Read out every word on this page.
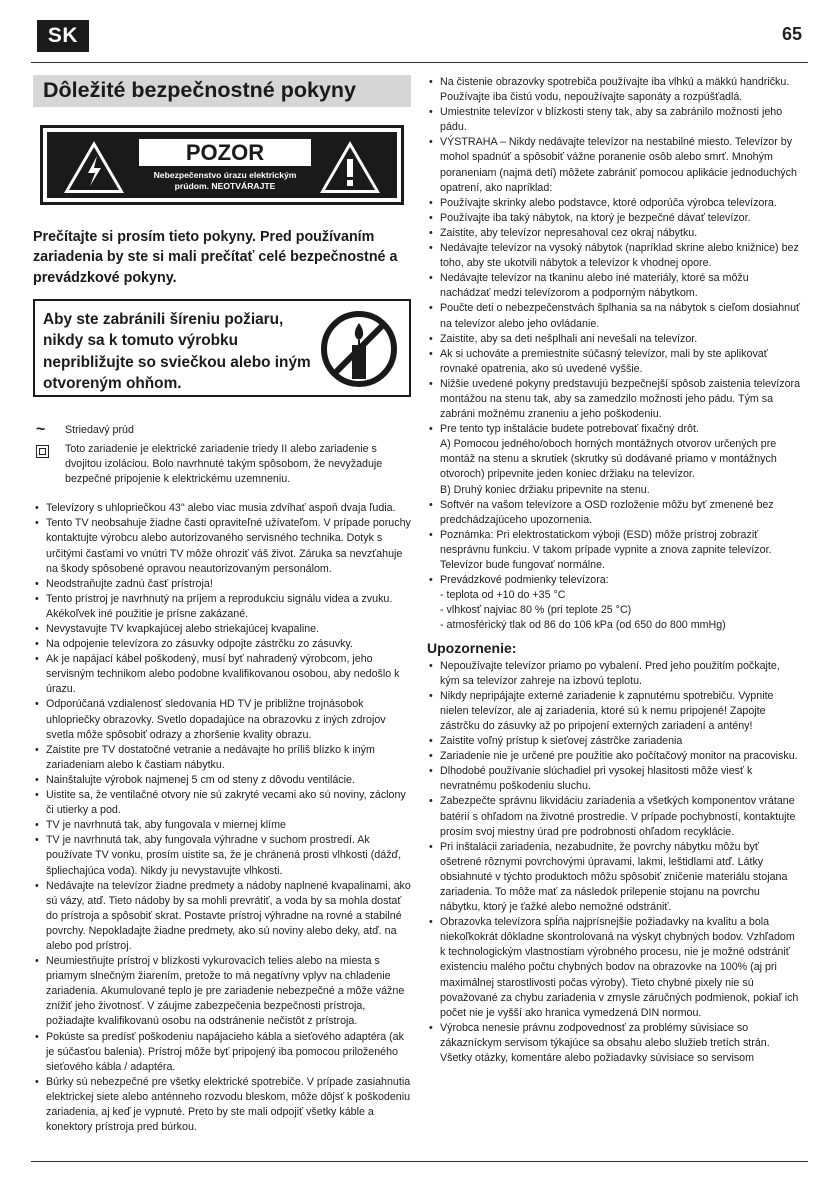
SK	65
Dôležité bezpečnostné pokyny
POZOR
Nebezpečenstvo úrazu elektrickým
prúdom. NEOTVÁRAJTE
Prečítajte si prosím tieto pokyny. Pred používaním zariadenia by ste si mali prečítať celé bezpečnostné a prevádzkové pokyny.
Aby ste zabránili šíreniu požiaru, nikdy sa k tomuto výrobku nepribližujte so sviečkou alebo iným otvoreným ohňom.
~ Striedavý prúd
Toto zariadenie je elektrické zariadenie triedy II alebo zariadenie s dvojitou izoláciou. Bolo navrhnuté takým spôsobom, že nevyžaduje bezpečné pripojenie k elektrickému uzemneniu.
• Televízory s uhlopriečkou 43" alebo viac musia zdvíhať aspoň dvaja ľudia.
• Tento TV neobsahuje žiadne časti opraviteľné užívateľom. V prípade poruchy kontaktujte výrobcu alebo autorizovaného servisného technika. Dotyk s určitými časťami vo vnútri TV môže ohroziť váš život. Záruka sa nevzťahuje na škody spôsobené opravou neautorizovaným personálom.
• Neodstraňujte zadnú časť prístroja!
• Tento prístroj je navrhnutý na príjem a reprodukciu signálu videa a zvuku. Akékoľvek iné použitie je prísne zakázané.
• Nevystavujte TV kvapkajúcej alebo striekajúcej kvapaline.
• Na odpojenie televízora zo zásuvky odpojte zástrčku zo zásuvky.
• Ak je napájací kábel poškodený, musí byť nahradený výrobcom, jeho servisným technikom alebo podobne kvalifikovanou osobou, aby nedošlo k úrazu.
• Odporúčaná vzdialenosť sledovania HD TV je približne trojnásobok uhlopriečky obrazovky. Svetlo dopadajúce na obrazovku z iných zdrojov svetla môže spôsobiť odrazy a zhoršenie kvality obrazu.
• Zaistite pre TV dostatočné vetranie a nedávajte ho príliš blízko k iným zariadeniam alebo k častiam nábytku.
• Nainštalujte výrobok najmenej 5 cm od steny z dôvodu ventilácie.
• Uistite sa, že ventilačné otvory nie sú zakryté vecami ako sú noviny, záclony či utierky a pod.
• TV je navrhnutá tak, aby fungovala v miernej klíme
• TV je navrhnutá tak, aby fungovala výhradne v suchom prostredí. Ak používate TV vonku, prosím uistite sa, že je chránená prosti vlhkosti (dážď, špliechajúca voda). Nikdy ju nevystavujte vlhkosti.
• Nedávajte na televízor žiadne predmety a nádoby naplnené kvapalinami, ako sú vázy, atď. Tieto nádoby by sa mohli prevrátiť, a voda by sa mohla dostať do prístroja a spôsobiť skrat. Postavte prístroj výhradne na rovné a stabilné povrchy. Nepokladajte žiadne predmety, ako sú noviny alebo deky, atď. na alebo pod prístroj.
• Neumiestňujte prístroj v blízkosti vykurovacích telies alebo na miesta s priamym slnečným žiarením, pretože to má negatívny vplyv na chladenie zariadenia. Akumulované teplo je pre zariadenie nebezpečné a môže vážne znížiť jeho životnosť. V záujme zabezpečenia bezpečnosti prístroja, požiadajte kvalifikovanú osobu na odstránenie nečistôt z prístroja.
• Pokúste sa predísť poškodeniu napájacieho kábla a sieťového adaptéra (ak je súčasťou balenia). Prístroj môže byť pripojený iba pomocou priloženého sieťového kábla / adaptéra.
• Búrky sú nebezpečné pre všetky elektrické spotrebiče. V prípade zasiahnutia elektrickej siete alebo anténneho rozvodu bleskom, môže dôjsť k poškodeniu zariadenia, aj keď je vypnuté. Preto by ste mali odpojiť všetky káble a konektory prístroja pred búrkou.
• Na čistenie obrazovky spotrebiča používajte iba vlhkú a mäkkú handričku. Používajte iba čistú vodu, nepoužívajte saponáty a rozpúšťadlá.
• Umiestnite televízor v blízkosti steny tak, aby sa zabránilo možnosti jeho pádu.
• VÝSTRAHA – Nikdy nedávajte televízor na nestabilné miesto. Televízor by mohol spadnúť a spôsobiť vážne poranenie osôb alebo smrť. Mnohým poraneniam (najmä detí) môžete zabrániť pomocou aplikácie jednoduchých opatrení, ako napríklad:
• Používajte skrinky alebo podstavce, ktoré odporúča výrobca televízora.
• Používajte iba taký nábytok, na ktorý je bezpečné dávať televízor.
• Zaistite, aby televízor nepresahoval cez okraj nábytku.
• Nedávajte televízor na vysoký nábytok (napríklad skrine alebo knižnice) bez toho, aby ste ukotvili nábytok a televízor k vhodnej opore.
• Nedávajte televízor na tkaninu alebo iné materiály, ktoré sa môžu nachádzať medzi televízorom a podporným nábytkom.
• Poučte deti o nebezpečenstvách šplhania sa na nábytok s cieľom dosiahnuť na televízor alebo jeho ovládanie.
• Zaistite, aby sa deti nešplhali ani nevešali na televízor.
• Ak si uchováte a premiestnite súčasný televízor, mali by ste aplikovať rovnaké opatrenia, ako sú uvedené vyššie.
• Nižšie uvedené pokyny predstavujú bezpečnejší spôsob zaistenia televízora montážou na stenu tak, aby sa zamedzilo možnosti jeho pádu. Tým sa zabráni možnému zraneniu a jeho poškodeniu.
• Pre tento typ inštalácie budete potrebovať fixačný drôt.
A) Pomocou jedného/oboch horných montážnych otvorov určených pre montáž na stenu a skrutiek (skrutky sú dodávané priamo v montážnych otvoroch) pripevnite jeden koniec držiaku na televízor.
B) Druhý koniec držiaku pripevnite na stenu.
• Softvér na vašom televízore a OSD rozloženie môžu byť zmenené bez predchádzajúceho upozornenia.
• Poznámka: Pri elektrostatickom výboji (ESD) môže prístroj zobraziť nesprávnu funkciu. V takom prípade vypnite a znova zapnite televízor. Televízor bude fungovať normálne.
• Prevádzkové podmienky televízora:
- teplota od +10 do +35 °C
- vlhkosť najviac 80 % (pri teplote 25 °C)
- atmosférický tlak od 86 do 106 kPa (od 650 do 800 mmHg)
Upozornenie:
• Nepoužívajte televízor priamo po vybalení. Pred jeho použitím počkajte, kým sa televízor zahreje na izbovú teplotu.
• Nikdy nepripájajte externé zariadenie k zapnutému spotrebiču. Vypnite nielen televízor, ale aj zariadenia, ktoré sú k nemu pripojené! Zapojte zástrčku do zásuvky až po pripojení externých zariadení a antény!
• Zaistite voľný prístup k sieťovej zástrčke zariadenia
• Zariadenie nie je určené pre použitie ako počítačový monitor na pracovisku.
• Dlhodobé používanie slúchadiel pri vysokej hlasitosti môže viesť k nevratnému poškodeniu sluchu.
• Zabezpečte správnu likvidáciu zariadenia a všetkých komponentov vrátane batérií s ohľadom na životné prostredie. V prípade pochybností, kontaktujte prosím svoj miestny úrad pre podrobnosti ohľadom recyklácie.
• Pri inštalácii zariadenia, nezabudnite, že povrchy nábytku môžu byť ošetrené rôznymi povrchovými úpravami, lakmi, leštidlami atď. Látky obsiahnuté v týchto produktoch môžu spôsobiť zničenie materiálu stojana zariadenia. To môže mať za následok prilepenie stojanu na povrchu nábytku, ktorý je ťažké alebo nemožné odstrániť.
• Obrazovka televízora spĺňa najprísnejšie požiadavky na kvalitu a bola niekoľkokrát dôkladne skontrolovaná na výskyt chybných bodov. Vzhľadom k technologickým vlastnostiam výrobného procesu, nie je možné odstrániť existenciu malého počtu chybných bodov na obrazovke na 100% (aj pri maximálnej starostlivosti počas výroby). Tieto chybné pixely nie sú považované za chybu zariadenia v zmysle záručných podmienok, pokiaľ ich počet nie je vyšší ako hranica vymedzená DIN normou.
• Výrobca nenesie právnu zodpovednosť za problémy súvisiace so zákazníckym servisom týkajúce sa obsahu alebo služieb tretích strán. Všetky otázky, komentáre alebo požiadavky súvisiace so servisom
